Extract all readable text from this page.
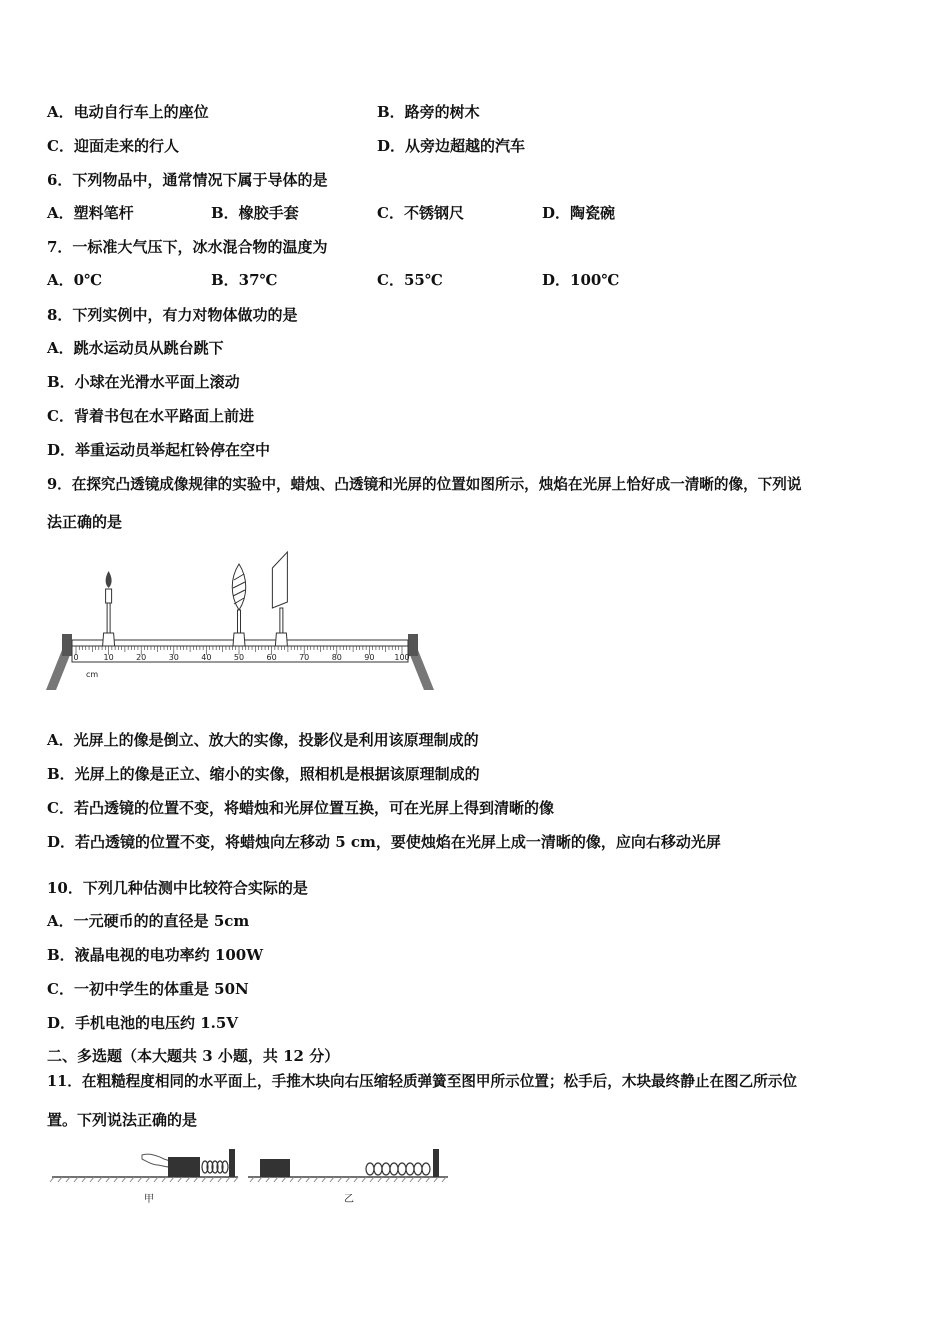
A．电动自行车上的座位	B．路旁的树木
C．迎面走来的行人	D．从旁边超越的汽车
6．下列物品中，通常情况下属于导体的是
A．塑料笔杆	B．橡胶手套	C．不锈钢尺	D．陶瓷碗
7．一标准大气压下，冰水混合物的温度为
A．0℃	B．37℃	C．55℃	D．100℃
8．下列实例中，有力对物体做功的是
A．跳水运动员从跳台跳下
B．小球在光滑水平面上滚动
C．背着书包在水平路面上前进
D．举重运动员举起杠铃停在空中
9．在探究凸透镜成像规律的实验中，蜡烛、凸透镜和光屏的位置如图所示，烛焰在光屏上恰好成一清晰的像，下列说
法正确的是
0	10	20	30	40	50	60	70	80	90 100
cm
A．光屏上的像是倒立、放大的实像，投影仪是利用该原理制成的
B．光屏上的像是正立、缩小的实像，照相机是根据该原理制成的
C．若凸透镜的位置不变，将蜡烛和光屏位置互换，可在光屏上得到清晰的像
D．若凸透镜的位置不变，将蜡烛向左移动 5 cm，要使烛焰在光屏上成一清晰的像，应向右移动光屏
10．下列几种估测中比较符合实际的是
A．一元硬币的的直径是 5cm
B．液晶电视的电功率约 100W
C．一初中学生的体重是 50N
D．手机电池的电压约 1.5V
二、多选题（本大题共 3 小题，共 12 分）
11．在粗糙程度相同的水平面上，手推木块向右压缩轻质弹簧至图甲所示位置；松手后，木块最终静止在图乙所示位
置。下列说法正确的是
甲	乙
